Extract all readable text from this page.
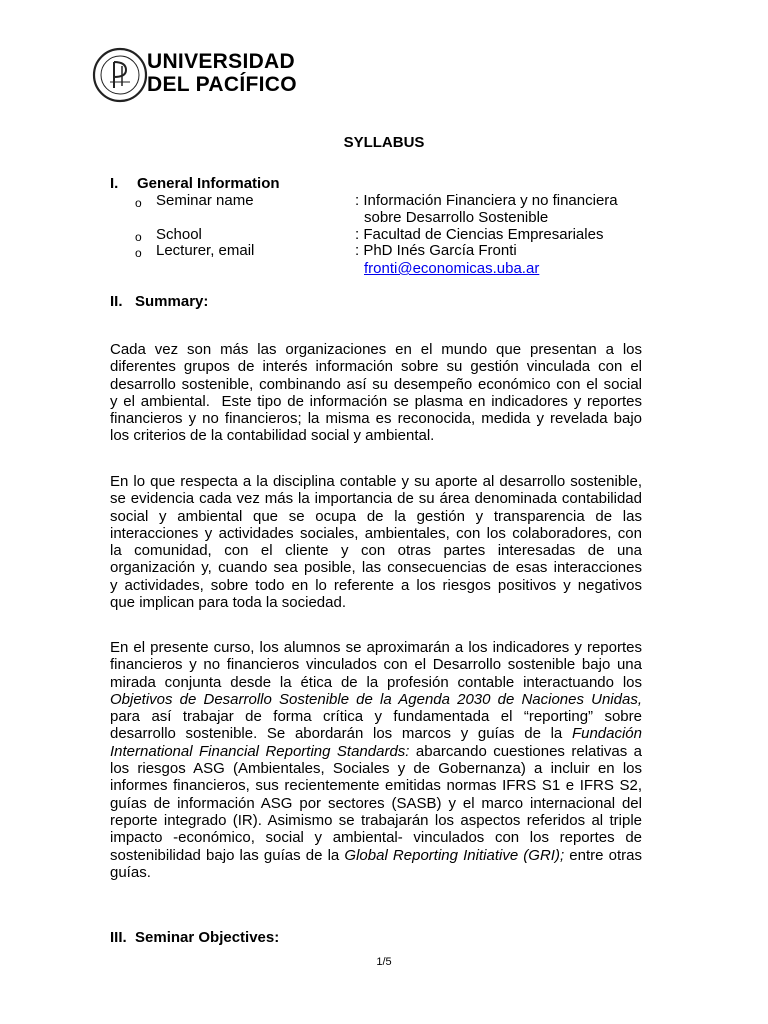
UNIVERSIDAD
DEL PACÍFICO
SYLLABUS
I. General Information
o Seminar name	: Información Financiera y no financiera
sobre Desarrollo Sostenible
o School	: Facultad de Ciencias Empresariales
o Lecturer, email	: PhD Inés García Fronti
fronti@economicas.uba.ar
II.   Summary:
Cada vez son más las organizaciones en el mundo que presentan a los
diferentes grupos de interés información sobre su gestión vinculada con el
desarrollo sostenible, combinando así su desempeño económico con el social
y el ambiental.  Este tipo de información se plasma en indicadores y reportes
financieros y no financieros; la misma es reconocida, medida y revelada bajo
los criterios de la contabilidad social y ambiental.
En lo que respecta a la disciplina contable y su aporte al desarrollo sostenible,
se evidencia cada vez más la importancia de su área denominada contabilidad
social y ambiental que se ocupa de la gestión y transparencia de las
interacciones y actividades sociales, ambientales, con los colaboradores, con
la comunidad, con el cliente y con otras partes interesadas de una
organización y, cuando sea posible, las consecuencias de esas interacciones
y actividades, sobre todo en lo referente a los riesgos positivos y negativos
que implican para toda la sociedad.
En el presente curso, los alumnos se aproximarán a los indicadores y reportes
financieros y no financieros vinculados con el Desarrollo sostenible bajo una
mirada conjunta desde la ética de la profesión contable interactuando los
Objetivos de Desarrollo Sostenible de la Agenda 2030 de Naciones Unidas,
para así trabajar de forma crítica y fundamentada el “reporting” sobre
desarrollo sostenible. Se abordarán los marcos y guías de la Fundación
International Financial Reporting Standards: abarcando cuestiones relativas a
los riesgos ASG (Ambientales, Sociales y de Gobernanza) a incluir en los
informes financieros, sus recientemente emitidas normas IFRS S1 e IFRS S2,
guías de información ASG por sectores (SASB) y el marco internacional del
reporte integrado (IR). Asimismo se trabajarán los aspectos referidos al triple
impacto -económico, social y ambiental- vinculados con los reportes de
sostenibilidad bajo las guías de la Global Reporting Initiative (GRI); entre otras
guías.
III.  Seminar Objectives:
1/5
